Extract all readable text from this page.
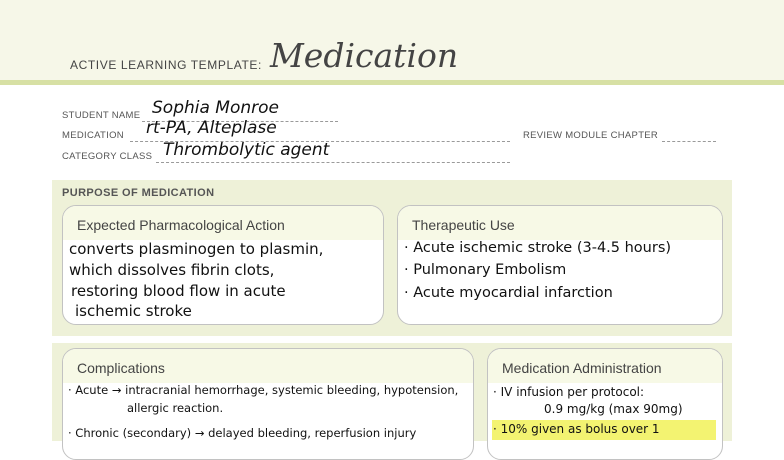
ACTIVE LEARNING TEMPLATE: Medication
STUDENT NAME Sophia Monroe
MEDICATION rt-PA, Alteplase	REVIEW MODULE CHAPTER
CATEGORY CLASS Thrombolytic agent
PURPOSE OF MEDICATION
Expected Pharmacological Action
converts plasminogen to plasmin,
which dissolves fibrin clots,
restoring blood flow in acute
ischemic stroke
Therapeutic Use
· Acute ischemic stroke (3-4.5 hours)
· Pulmonary Embolism
· Acute myocardial infarction
Complications
· Acute → intracranial hemorrhage, systemic bleeding, hypotension,
allergic reaction.
· Chronic (secondary) → delayed bleeding, reperfusion injury
Medication Administration
· IV infusion per protocol:
0.9 mg/kg (max 90mg)
· 10% given as bolus over 1
